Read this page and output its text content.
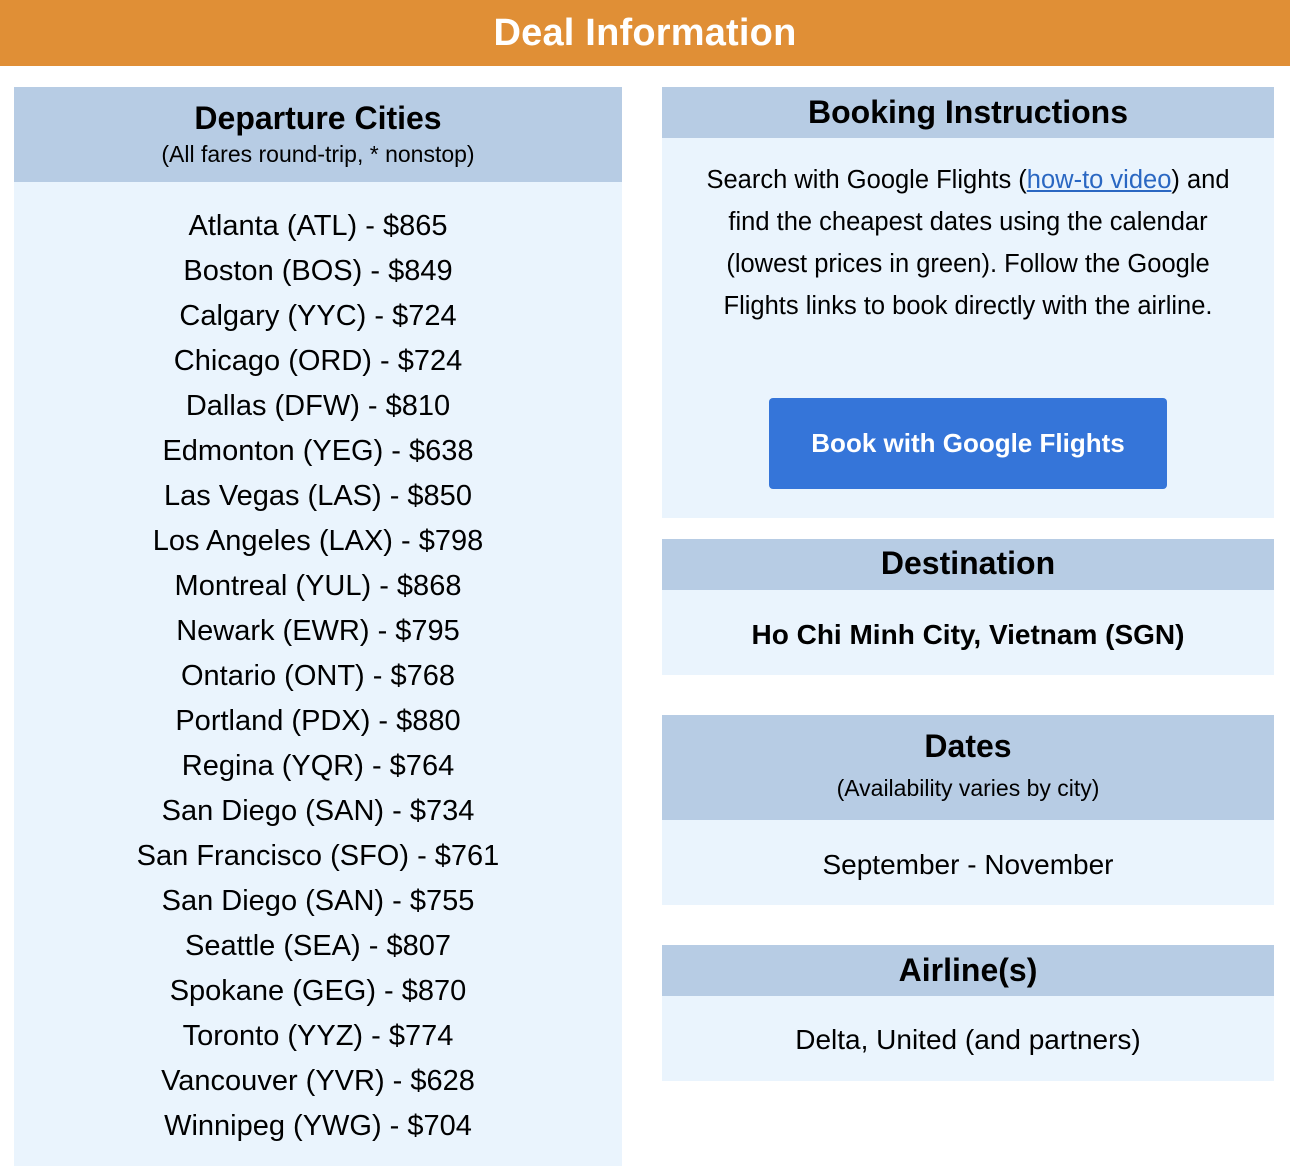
Deal Information
Departure Cities
(All fares round-trip, * nonstop)
Atlanta (ATL) - $865
Boston (BOS) - $849
Calgary (YYC) - $724
Chicago (ORD) - $724
Dallas (DFW) - $810
Edmonton (YEG) - $638
Las Vegas (LAS) - $850
Los Angeles (LAX) - $798
Montreal (YUL) - $868
Newark (EWR) - $795
Ontario (ONT) - $768
Portland (PDX) - $880
Regina (YQR) - $764
San Diego (SAN) - $734
San Francisco (SFO) - $761
San Diego (SAN) - $755
Seattle (SEA) - $807
Spokane (GEG) - $870
Toronto (YYZ) - $774
Vancouver (YVR) - $628
Winnipeg (YWG) - $704
Booking Instructions
Search with Google Flights (how-to video) and find the cheapest dates using the calendar (lowest prices in green). Follow the Google Flights links to book directly with the airline.
Book with Google Flights
Destination
Ho Chi Minh City, Vietnam (SGN)
Dates
(Availability varies by city)
September - November
Airline(s)
Delta, United (and partners)
